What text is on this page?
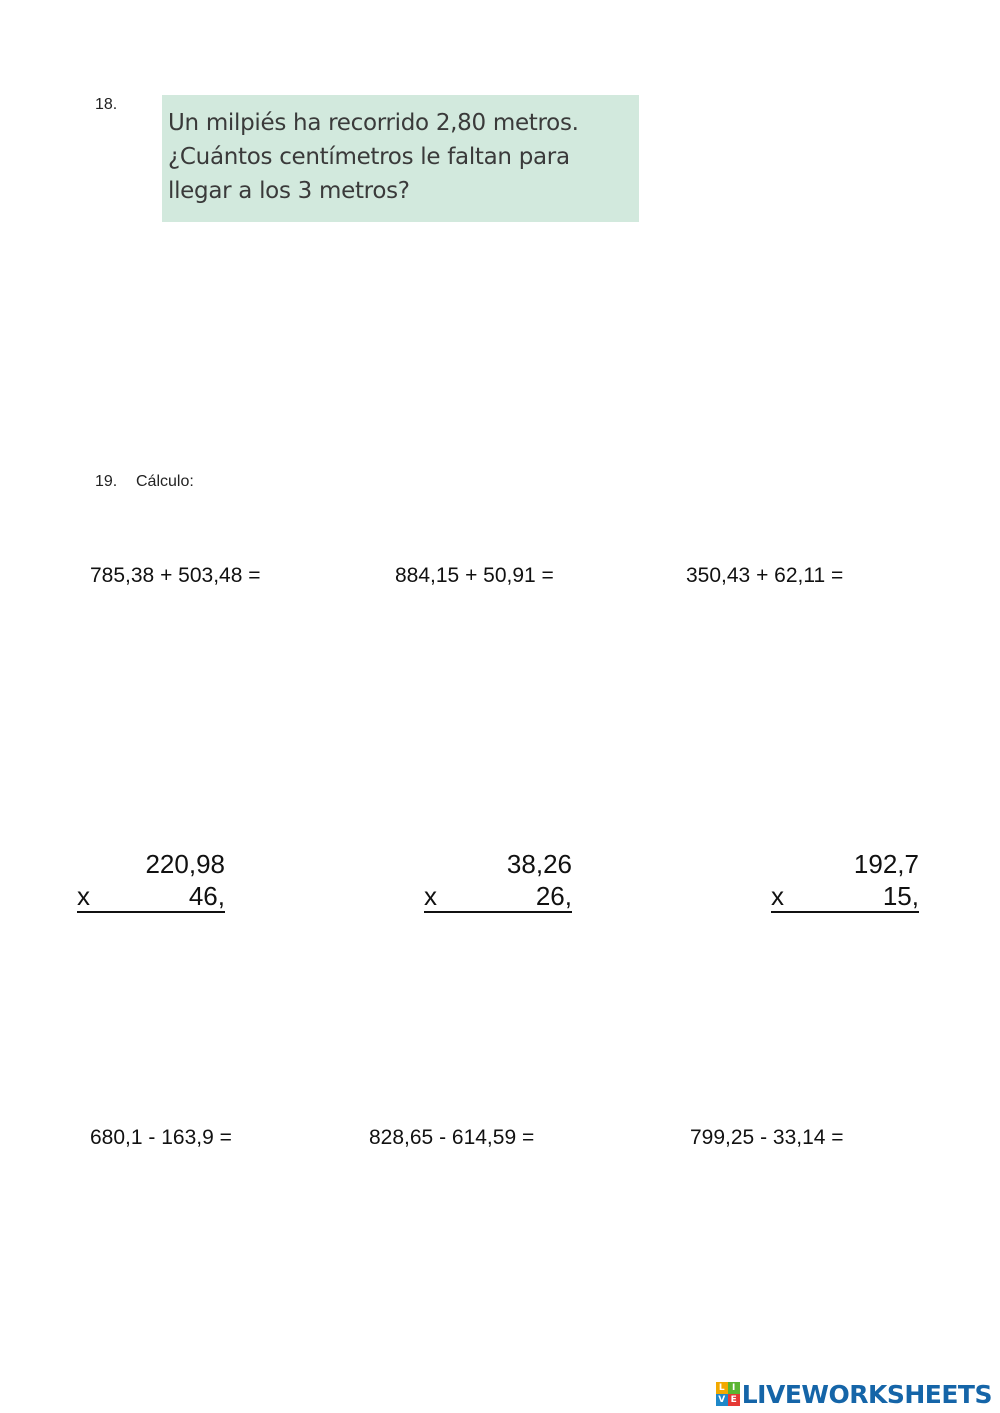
18.
Un milpiés ha recorrido 2,80 metros.
¿Cuántos centímetros le faltan para
llegar a los 3 metros?
19. Cálculo:
785,38 + 503,48 =	884,15 + 50,91 =	350,43 + 62,11 =
220,98
x	46,
38,26
x	26,
192,7
x	15,
680,1 - 163,9 =	828,65 - 614,59 =	799,25 - 33,14 =
L I
V E LIVEWORKSHEETS
